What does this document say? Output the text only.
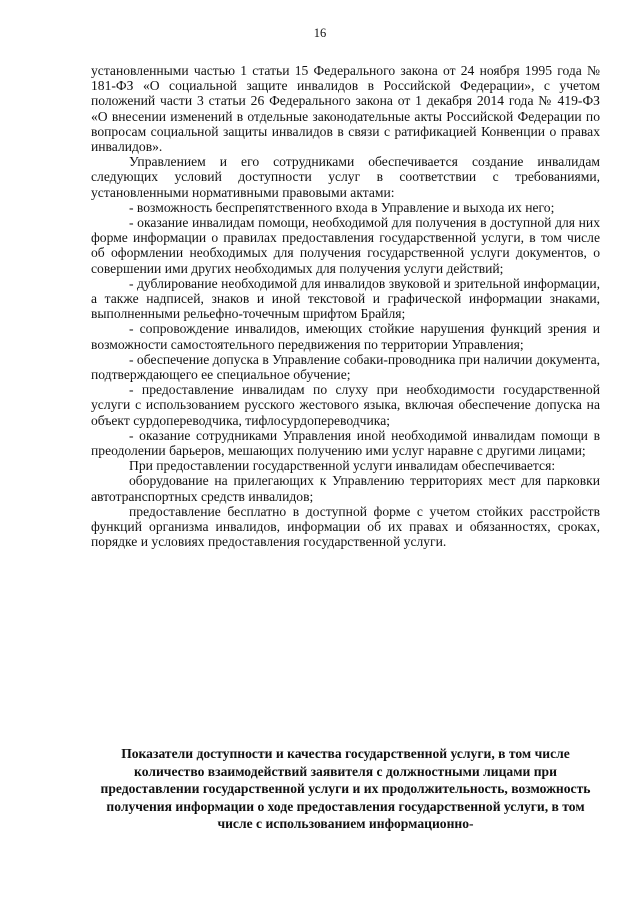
16

установленными частью 1 статьи 15 Федерального закона от 24 ноября 1995 года № 181-ФЗ «О социальной защите инвалидов в Российской Федерации», с учетом положений части 3 статьи 26 Федерального закона от 1 декабря 2014 года № 419-ФЗ «О внесении изменений в отдельные законодательные акты Российской Федерации по вопросам социальной защиты инвалидов в связи с ратификацией Конвенции о правах инвалидов».

Управлением и его сотрудниками обеспечивается создание инвалидам следующих условий доступности услуг в соответствии с требованиями, установленными нормативными правовыми актами:

- возможность беспрепятственного входа в Управление и выхода их него;

- оказание инвалидам помощи, необходимой для получения в доступной для них форме информации о правилах предоставления государственной услуги, в том числе об оформлении необходимых для получения государственной услуги документов, о совершении ими других необходимых для получения услуги действий;

- дублирование необходимой для инвалидов звуковой и зрительной информации, а также надписей, знаков и иной текстовой и графической информации знаками, выполненными рельефно-точечным шрифтом Брайля;

- сопровождение инвалидов, имеющих стойкие нарушения функций зрения и возможности самостоятельного передвижения по территории Управления;

- обеспечение допуска в Управление собаки-проводника при наличии документа, подтверждающего ее специальное обучение;

- предоставление инвалидам по слуху при необходимости государственной услуги с использованием русского жестового языка, включая обеспечение допуска на объект сурдопереводчика, тифлосурдопереводчика;

- оказание сотрудниками Управления иной необходимой инвалидам помощи в преодолении барьеров, мешающих получению ими услуг наравне с другими лицами;

При предоставлении государственной услуги инвалидам обеспечивается:

оборудование на прилегающих к Управлению территориях мест для парковки автотранспортных средств инвалидов;

предоставление бесплатно в доступной форме с учетом стойких расстройств функций организма инвалидов, информации об их правах и обязанностях, сроках, порядке и условиях предоставления государственной услуги.

Показатели доступности и качества государственной услуги, в том числе количество взаимодействий заявителя с должностными лицами при предоставлении государственной услуги и их продолжительность, возможность получения информации о ходе предоставления государственной услуги, в том числе с использованием информационно-
